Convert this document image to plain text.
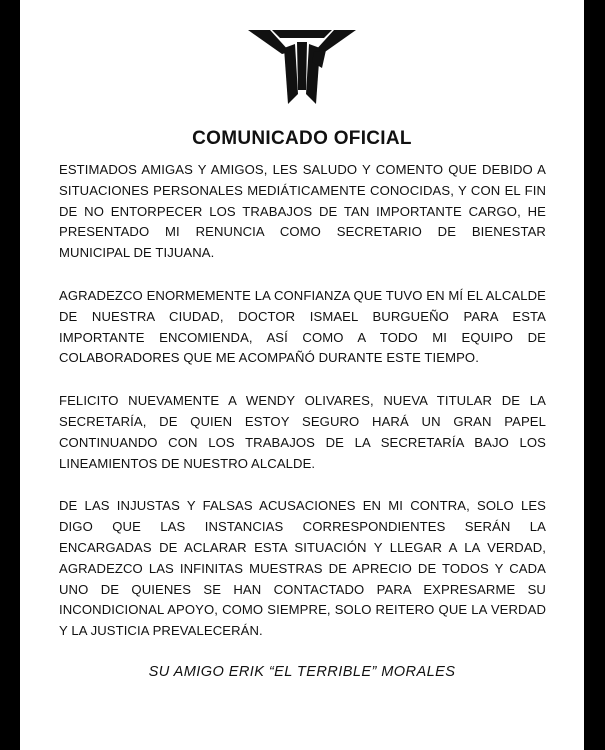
COMUNICADO OFICIAL

ESTIMADOS AMIGAS Y AMIGOS, LES SALUDO Y COMENTO QUE DEBIDO A SITUACIONES PERSONALES MEDIÁTICAMENTE CONOCIDAS, Y CON EL FIN DE NO ENTORPECER LOS TRABAJOS DE TAN IMPORTANTE CARGO, HE PRESENTADO MI RENUNCIA COMO SECRETARIO DE BIENESTAR MUNICIPAL DE TIJUANA.

AGRADEZCO ENORMEMENTE LA CONFIANZA QUE TUVO EN MÍ EL ALCALDE DE NUESTRA CIUDAD, DOCTOR ISMAEL BURGUEÑO PARA ESTA IMPORTANTE ENCOMIENDA, ASÍ COMO A TODO MI EQUIPO DE COLABORADORES QUE ME ACOMPAÑÓ DURANTE ESTE TIEMPO.

FELICITO NUEVAMENTE A WENDY OLIVARES, NUEVA TITULAR DE LA SECRETARÍA, DE QUIEN ESTOY SEGURO HARÁ UN GRAN PAPEL CONTINUANDO CON LOS TRABAJOS DE LA SECRETARÍA BAJO LOS LINEAMIENTOS DE NUESTRO ALCALDE.

DE LAS INJUSTAS Y FALSAS ACUSACIONES EN MI CONTRA, SOLO LES DIGO QUE LAS INSTANCIAS CORRESPONDIENTES SERÁN LA ENCARGADAS DE ACLARAR ESTA SITUACIÓN Y LLEGAR A LA VERDAD, AGRADEZCO LAS INFINITAS MUESTRAS DE APRECIO DE TODOS Y CADA UNO DE QUIENES SE HAN CONTACTADO PARA EXPRESARME SU INCONDICIONAL APOYO, COMO SIEMPRE, SOLO REITERO QUE LA VERDAD Y LA JUSTICIA PREVALECERÁN.

SU AMIGO ERIK “EL TERRIBLE” MORALES
